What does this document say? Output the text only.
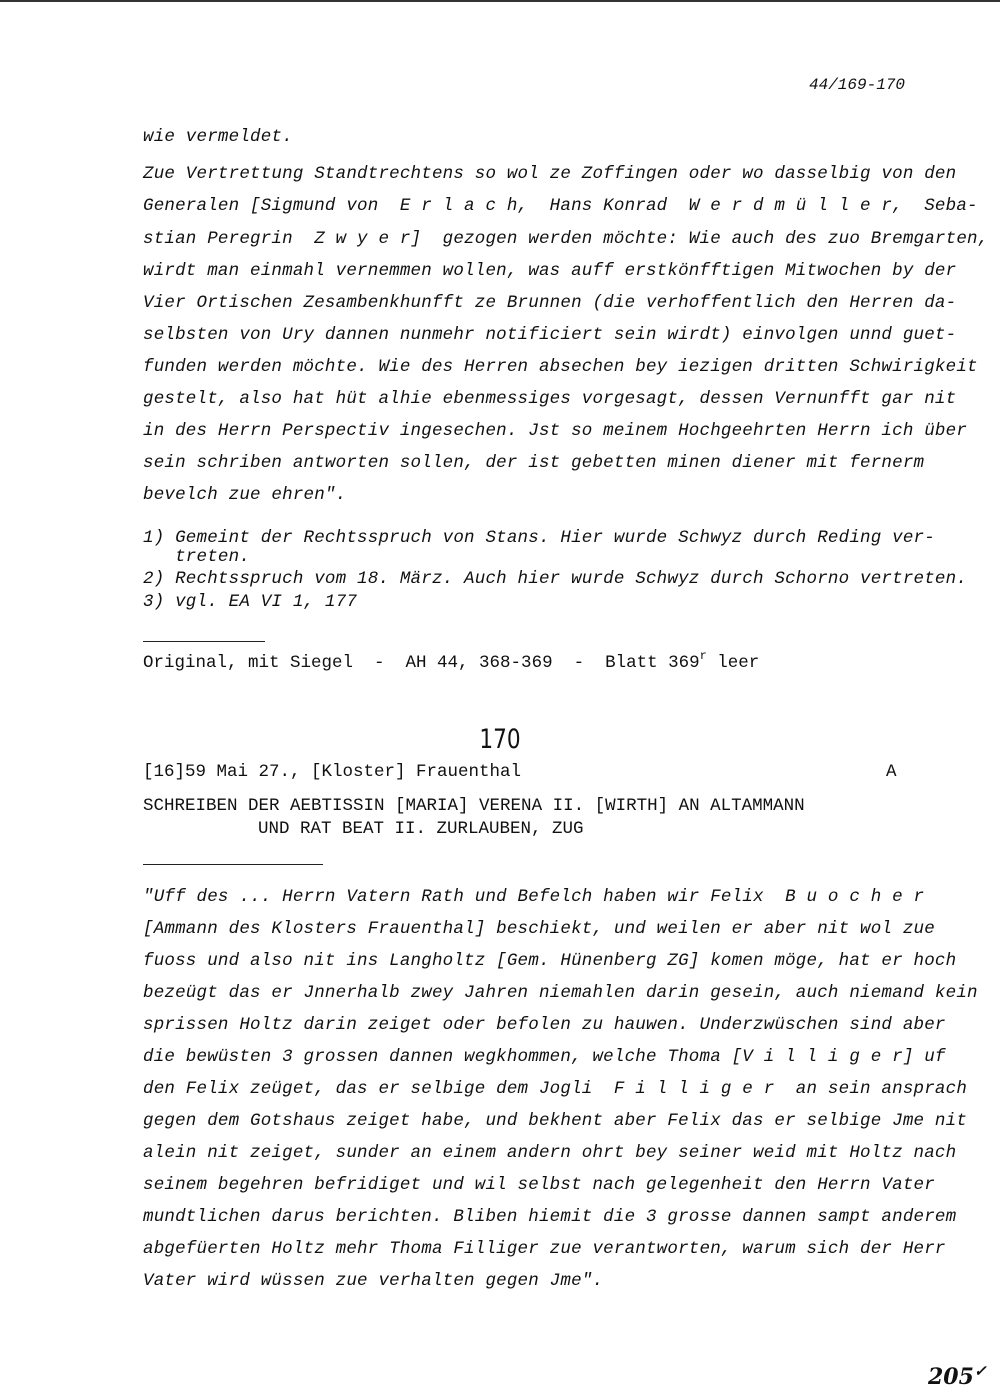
44/169-170

wie vermeldet.

Zue Vertrettung Standtrechtens so wol ze Zoffingen oder wo dasselbig von den

Generalen [Sigmund von  E r l a c h,  Hans Konrad  W e r d m ü l l e r,  Seba-

stian Peregrin  Z w y e r]  gezogen werden möchte: Wie auch des zuo Bremgarten,

wirdt man einmahl vernemmen wollen, was auff erstkönfftigen Mitwochen by der

Vier Ortischen Zesambenkhunfft ze Brunnen (die verhoffentlich den Herren da-

selbsten von Ury dannen nunmehr notificiert sein wirdt) einvolgen unnd guet-

funden werden möchte. Wie des Herren absechen bey iezigen dritten Schwirigkeit

gestelt, also hat hüt alhie ebenmessiges vorgesagt, dessen Vernunfft gar nit

in des Herrn Perspectiv ingesechen. Jst so meinem Hochgeehrten Herrn ich über

sein schriben antworten sollen, der ist gebetten minen diener mit fernerm

bevelch zue ehren".

1) Gemeint der Rechtsspruch von Stans. Hier wurde Schwyz durch Reding ver-

treten.

2) Rechtsspruch vom 18. März. Auch hier wurde Schwyz durch Schorno vertreten.

3) vgl. EA VI 1, 177

Original, mit Siegel  -  AH 44, 368-369  -  Blatt 369$^r$ leer

170

[16]59 Mai 27., [Kloster] Frauenthal	A

SCHREIBEN DER AEBTISSIN [MARIA] VERENA II. [WIRTH] AN ALTAMMANN

UND RAT BEAT II. ZURLAUBEN, ZUG

"Uff des ... Herrn Vatern Rath und Befelch haben wir Felix  B u o c h e r

[Ammann des Klosters Frauenthal] beschiekt, und weilen er aber nit wol zue

fuoss und also nit ins Langholtz [Gem. Hünenberg ZG] komen möge, hat er hoch

bezeügt das er Jnnerhalb zwey Jahren niemahlen darin gesein, auch niemand kein

sprissen Holtz darin zeiget oder befolen zu hauwen. Underzwüschen sind aber

die bewüsten 3 grossen dannen wegkhommen, welche Thoma [V i l l i g e r] uf

den Felix zeüget, das er selbige dem Jogli  F i l l i g e r  an sein ansprach

gegen dem Gotshaus zeiget habe, und bekhent aber Felix das er selbige Jme nit

alein nit zeiget, sunder an einem andern ohrt bey seiner weid mit Holtz nach

seinem begehren befridiget und wil selbst nach gelegenheit den Herrn Vater

mundtlichen darus berichten. Bliben hiemit die 3 grosse dannen sampt anderem

abgefüerten Holtz mehr Thoma Filliger zue verantworten, warum sich der Herr

Vater wird wüssen zue verhalten gegen Jme".

205✓
